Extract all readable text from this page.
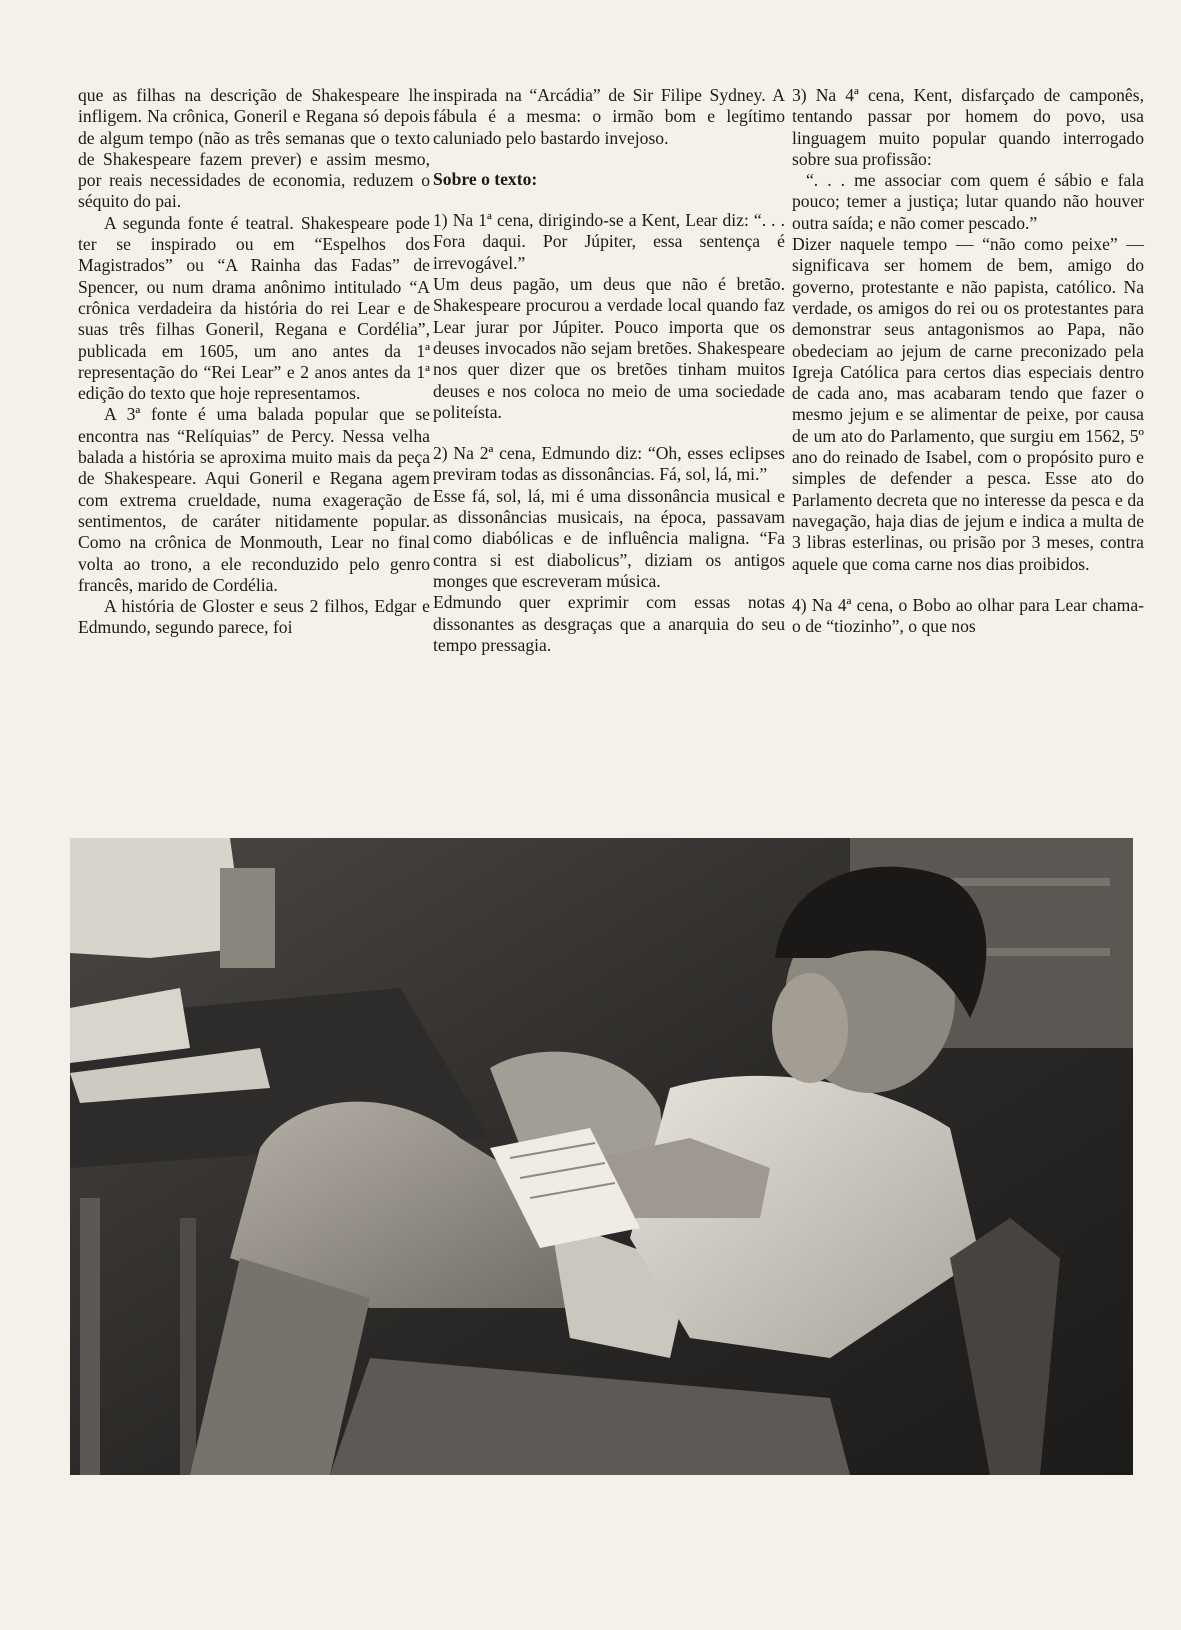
que as filhas na descrição de Shakespeare lhe infligem. Na crônica, Goneril e Regana só depois de algum tempo (não as três semanas que o texto de Shakespeare fazem prever) e assim mesmo, por reais necessidades de economia, reduzem o séquito do pai.

A segunda fonte é teatral. Shakespeare pode ter se inspirado ou em “Espelhos dos Magistrados” ou “A Rainha das Fadas” de Spencer, ou num drama anônimo intitulado “A crônica verdadeira da história do rei Lear e de suas três filhas Goneril, Regana e Cordélia”, publicada em 1605, um ano antes da 1ª representação do “Rei Lear” e 2 anos antes da 1ª edição do texto que hoje representamos.

A 3ª fonte é uma balada popular que se encontra nas “Relíquias” de Percy. Nessa velha balada a história se aproxima muito mais da peça de Shakespeare. Aqui Goneril e Regana agem com extrema crueldade, numa exageração de sentimentos, de caráter nitidamente popular. Como na crônica de Monmouth, Lear no final volta ao trono, a ele reconduzido pelo genro francês, marido de Cordélia.

A história de Gloster e seus 2 filhos, Edgar e Edmundo, segundo parece, foi

inspirada na “Arcádia” de Sir Filipe Sydney. A fábula é a mesma: o irmão bom e legítimo caluniado pelo bastardo invejoso.

Sobre o texto:

1) Na 1ª cena, dirigindo-se a Kent, Lear diz: “. . . Fora daqui. Por Júpiter, essa sentença é irrevogável.”

Um deus pagão, um deus que não é bretão. Shakespeare procurou a verdade local quando faz Lear jurar por Júpiter. Pouco importa que os deuses invocados não sejam bretões. Shakespeare nos quer dizer que os bretões tinham muitos deuses e nos coloca no meio de uma sociedade politeísta.

2) Na 2ª cena, Edmundo diz: “Oh, esses eclipses previram todas as dissonâncias. Fá, sol, lá, mi.”

Esse fá, sol, lá, mi é uma dissonância musical e as dissonâncias musicais, na época, passavam como diabólicas e de influência maligna. “Fa contra si est diabolicus”, diziam os antigos monges que escreveram música.

Edmundo quer exprimir com essas notas dissonantes as desgraças que a anarquia do seu tempo pressagia.

3) Na 4ª cena, Kent, disfarçado de camponês, tentando passar por homem do povo, usa linguagem muito popular quando interrogado sobre sua profissão:

“. . . me associar com quem é sábio e fala pouco; temer a justiça; lutar quando não houver outra saída; e não comer pescado.”

Dizer naquele tempo — “não como peixe” — significava ser homem de bem, amigo do governo, protestante e não papista, católico. Na verdade, os amigos do rei ou os protestantes para demonstrar seus antagonismos ao Papa, não obedeciam ao jejum de carne preconizado pela Igreja Católica para certos dias especiais dentro de cada ano, mas acabaram tendo que fazer o mesmo jejum e se alimentar de peixe, por causa de um ato do Parlamento, que surgiu em 1562, 5º ano do reinado de Isabel, com o propósito puro e simples de defender a pesca. Esse ato do Parlamento decreta que no interesse da pesca e da navegação, haja dias de jejum e indica a multa de 3 libras esterlinas, ou prisão por 3 meses, contra aquele que coma carne nos dias proibidos.

4) Na 4ª cena, o Bobo ao olhar para Lear chama-o de “tiozinho”, o que nos
